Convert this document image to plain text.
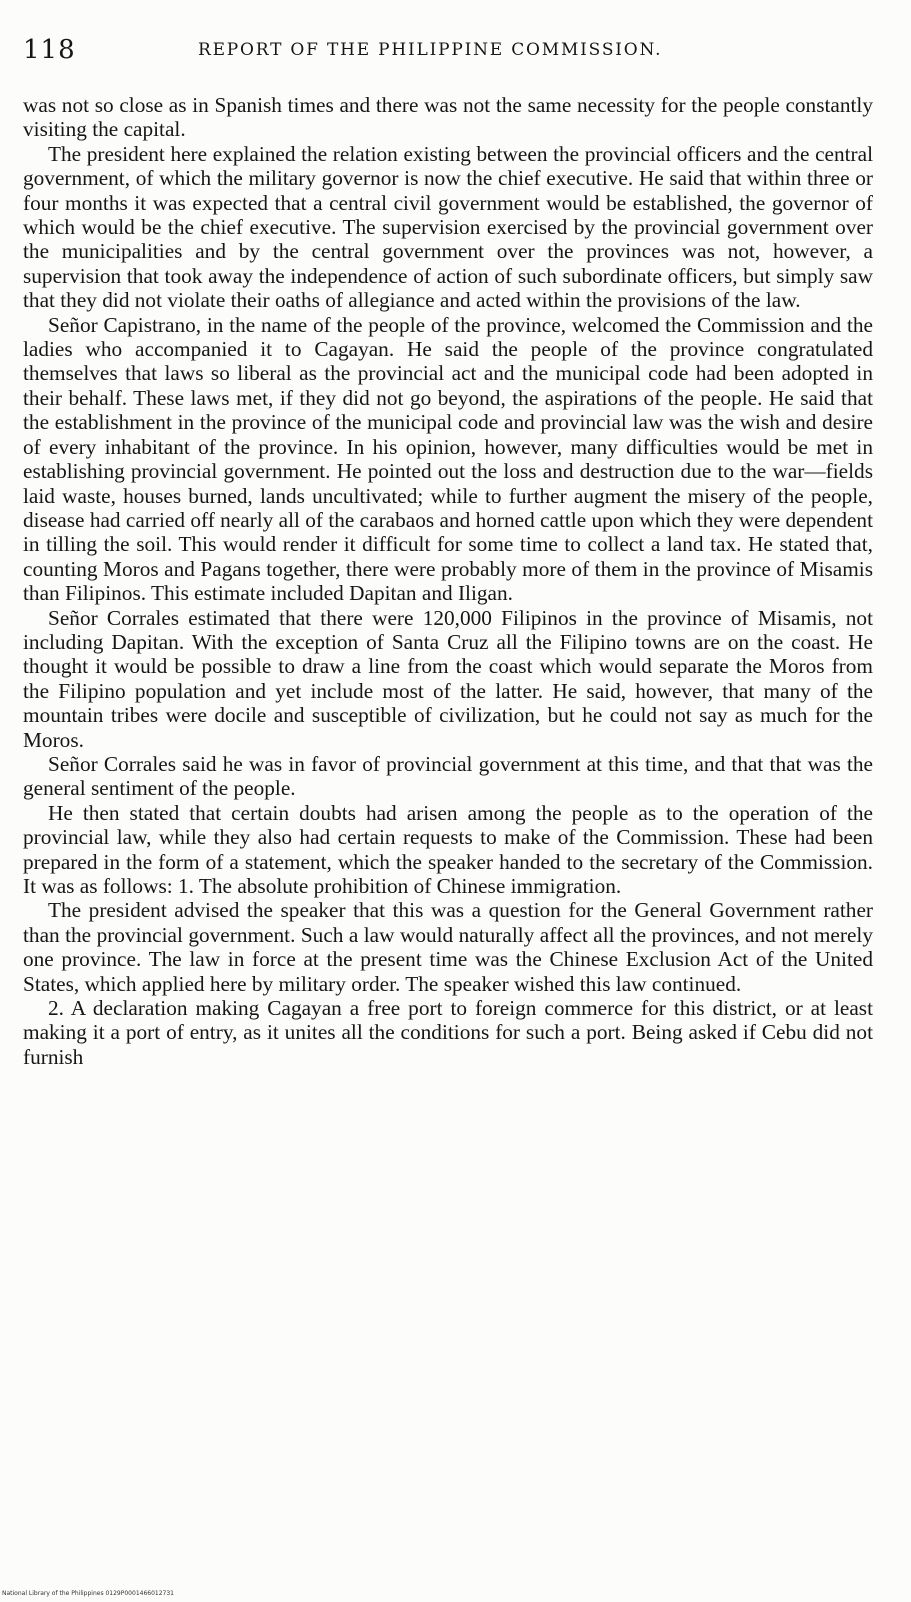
118	REPORT OF THE PHILIPPINE COMMISSION.

was not so close as in Spanish times and there was not the same necessity for the people constantly visiting the capital.

The president here explained the relation existing between the provincial officers and the central government, of which the military governor is now the chief executive. He said that within three or four months it was expected that a central civil government would be established, the governor of which would be the chief executive. The supervision exercised by the provincial government over the municipalities and by the central government over the provinces was not, however, a supervision that took away the independence of action of such subordinate officers, but simply saw that they did not violate their oaths of allegiance and acted within the provisions of the law.

Señor Capistrano, in the name of the people of the province, welcomed the Commission and the ladies who accompanied it to Cagayan. He said the people of the province congratulated themselves that laws so liberal as the provincial act and the municipal code had been adopted in their behalf. These laws met, if they did not go beyond, the aspirations of the people. He said that the establishment in the province of the municipal code and provincial law was the wish and desire of every inhabitant of the province. In his opinion, however, many difficulties would be met in establishing provincial government. He pointed out the loss and destruction due to the war—fields laid waste, houses burned, lands uncultivated; while to further augment the misery of the people, disease had carried off nearly all of the carabaos and horned cattle upon which they were dependent in tilling the soil. This would render it difficult for some time to collect a land tax. He stated that, counting Moros and Pagans together, there were probably more of them in the province of Misamis than Filipinos. This estimate included Dapitan and Iligan.

Señor Corrales estimated that there were 120,000 Filipinos in the province of Misamis, not including Dapitan. With the exception of Santa Cruz all the Filipino towns are on the coast. He thought it would be possible to draw a line from the coast which would separate the Moros from the Filipino population and yet include most of the latter. He said, however, that many of the mountain tribes were docile and susceptible of civilization, but he could not say as much for the Moros.

Señor Corrales said he was in favor of provincial government at this time, and that that was the general sentiment of the people.

He then stated that certain doubts had arisen among the people as to the operation of the provincial law, while they also had certain requests to make of the Commission. These had been prepared in the form of a statement, which the speaker handed to the secretary of the Commission. It was as follows: 1. The absolute prohibition of Chinese immigration.

The president advised the speaker that this was a question for the General Government rather than the provincial government. Such a law would naturally affect all the provinces, and not merely one province. The law in force at the present time was the Chinese Exclusion Act of the United States, which applied here by military order. The speaker wished this law continued.

2. A declaration making Cagayan a free port to foreign commerce for this district, or at least making it a port of entry, as it unites all the conditions for such a port. Being asked if Cebu did not furnish

National Library of the Philippines 0129P0001466012731
